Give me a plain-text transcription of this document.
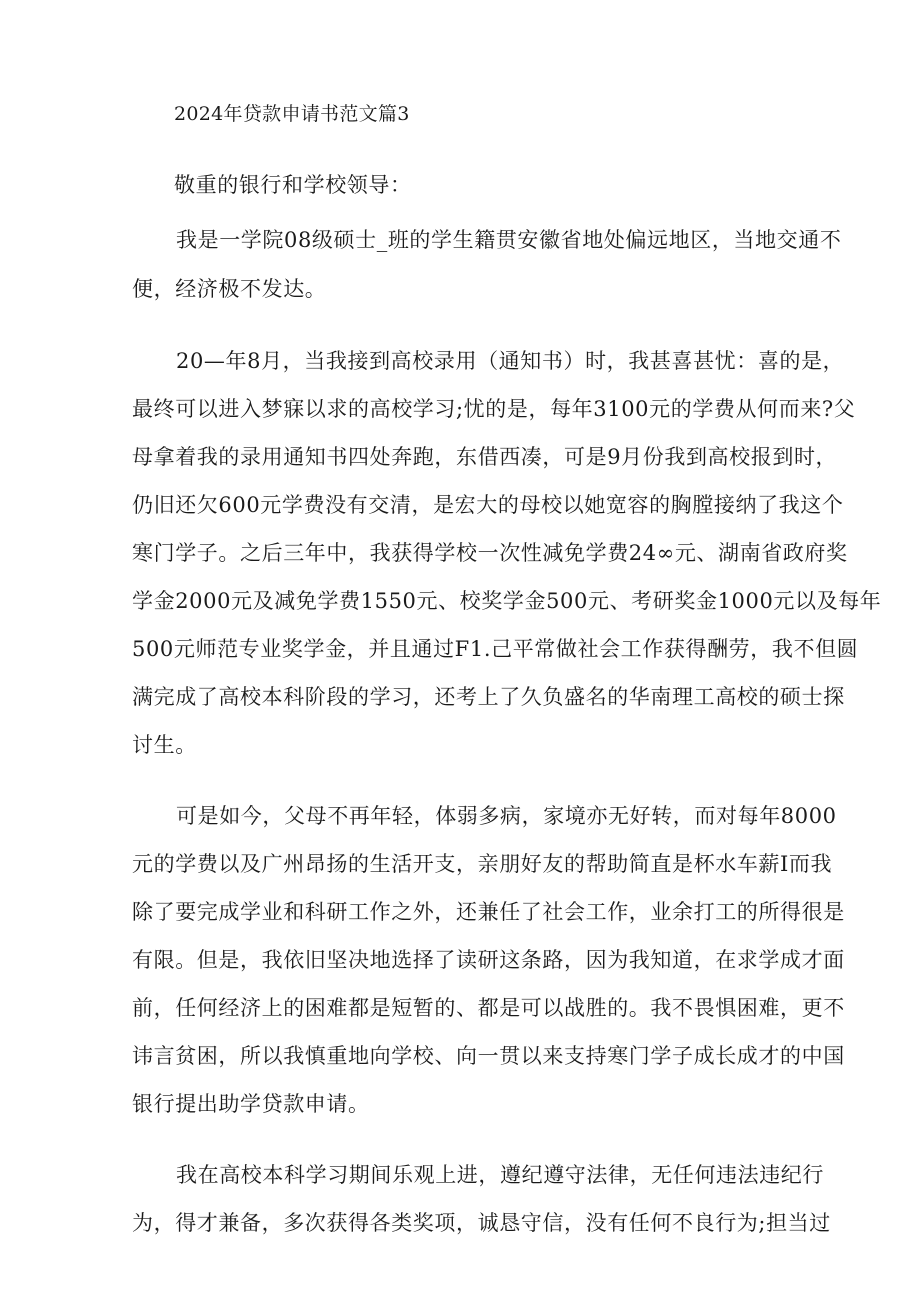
2024年贷款申请书范文篇3
敬重的银行和学校领导：
我是一学院08级硕士_班的学生籍贯安徽省地处偏远地区，当地交通不
便，经济极不发达。
20—年8月，当我接到高校录用（通知书）时，我甚喜甚忧：喜的是，
最终可以进入梦寐以求的高校学习;忧的是，每年3100元的学费从何而来?父
母拿着我的录用通知书四处奔跑，东借西凑，可是9月份我到高校报到时，
仍旧还欠600元学费没有交清，是宏大的母校以她宽容的胸膛接纳了我这个
寒门学子。之后三年中，我获得学校一次性减免学费24∞元、湖南省政府奖
学金2000元及减免学费1550元、校奖学金500元、考研奖金1000元以及每年
500元师范专业奖学金，并且通过F1.己平常做社会工作获得酬劳，我不但圆
满完成了高校本科阶段的学习，还考上了久负盛名的华南理工高校的硕士探
讨生。
可是如今，父母不再年轻，体弱多病，家境亦无好转，而对每年8000
元的学费以及广州昂扬的生活开支，亲朋好友的帮助简直是杯水车薪I而我
除了要完成学业和科研工作之外，还兼任了社会工作，业余打工的所得很是
有限。但是，我依旧坚决地选择了读研这条路，因为我知道，在求学成才面
前，任何经济上的困难都是短暂的、都是可以战胜的。我不畏惧困难，更不
讳言贫困，所以我慎重地向学校、向一贯以来支持寒门学子成长成才的中国
银行提出助学贷款申请。
我在高校本科学习期间乐观上进，遵纪遵守法律，无任何违法违纪行
为，得才兼备，多次获得各类奖项，诚恳守信，没有任何不良行为;担当过
